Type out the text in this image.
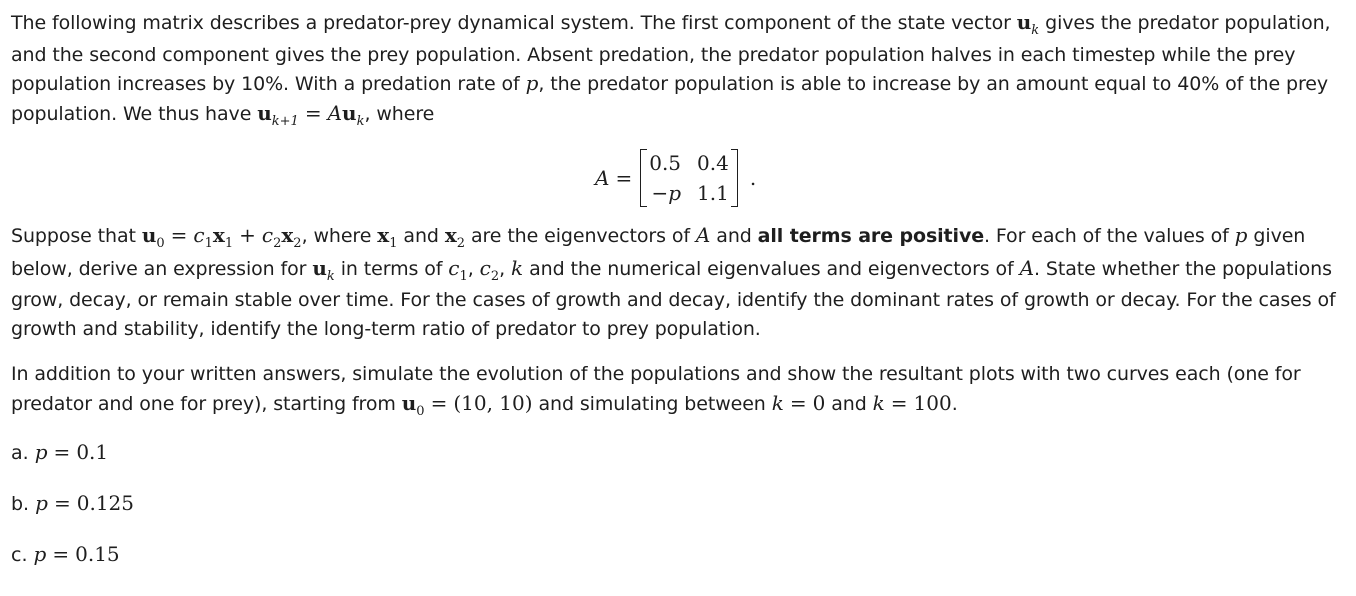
The following matrix describes a predator-prey dynamical system. The first component of the state vector $u_k$ gives the predator population, and the second component gives the prey population. Absent predation, the predator population halves in each timestep while the prey population increases by 10%. With a predation rate of p, the predator population is able to increase by an amount equal to 40% of the prey population. We thus have $u_{k+1} = Au_k$, where

A =
0.5 0.4
−p 1.1
.

Suppose that $u_0 = c_1x_1 + c_2x_2$, where $x_1$ and $x_2$ are the eigenvectors of A and all terms are positive. For each of the values of p given below, derive an expression for $u_k$ in terms of $c_1$, $c_2$, k and the numerical eigenvalues and eigenvectors of A. State whether the populations grow, decay, or remain stable over time. For the cases of growth and decay, identify the dominant rates of growth or decay. For the cases of growth and stability, identify the long-term ratio of predator to prey population.

In addition to your written answers, simulate the evolution of the populations and show the resultant plots with two curves each (one for predator and one for prey), starting from $u_0 = (10$, 10) and simulating between k = 0 and k = 100.

a. p = 0.1
b. p = 0.125
c. p = 0.15
